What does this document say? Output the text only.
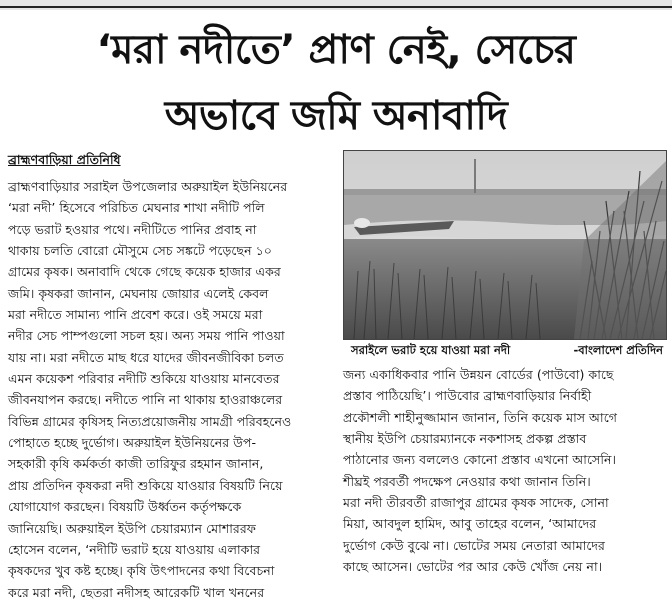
‘মরা নদীতে’ প্রাণ নেই, সেচের
অভাবে জমি অনাবাদি
ব্রাহ্মণবাড়িয়া প্রতিনিধি
ব্রাহ্মণবাড়িয়ার সরাইল উপজেলার অরুয়াইল ইউনিয়নের
‘মরা নদী’ হিসেবে পরিচিত মেঘনার শাখা নদীটি পলি
পড়ে ভরাট হওয়ার পথে। নদীটিতে পানির প্রবাহ না
থাকায় চলতি বোরো মৌসুমে সেচ সঙ্কটে পড়েছেন ১০
গ্রামের কৃষক। অনাবাদি থেকে গেছে কয়েক হাজার একর
জমি। কৃষকরা জানান, মেঘনায় জোয়ার এলেই কেবল
মরা নদীতে সামান্য পানি প্রবেশ করে। ওই সময়ে মরা
নদীর সেচ পাম্পগুলো সচল হয়। অন্য সময় পানি পাওয়া
যায় না। মরা নদীতে মাছ ধরে যাদের জীবনজীবিকা চলত
এমন কয়েকশ পরিবার নদীটি শুকিয়ে যাওয়ায় মানবেতর
জীবনযাপন করছে। নদীতে পানি না থাকায় হাওরাঞ্চলের
বিভিন্ন গ্রামের কৃষিসহ নিত্যপ্রয়োজনীয় সামগ্রী পরিবহনেও
পোহাতে হচ্ছে দুর্ভোগ। অরুয়াইল ইউনিয়নের উপ-
সহকারী কৃষি কর্মকর্তা কাজী তারিফুর রহমান জানান,
প্রায় প্রতিদিন কৃষকরা নদী শুকিয়ে যাওয়ার বিষয়টি নিয়ে
যোগাযোগ করছেন। বিষয়টি উর্ধ্বতন কর্তৃপক্ষকে
জানিয়েছি। অরুয়াইল ইউপি চেয়ারম্যান মোশাররফ
হোসেন বলেন, ‘নদীটি ভরাট হয়ে যাওয়ায় এলাকার
কৃষকদের খুব কষ্ট হচ্ছে। কৃষি উৎপাদনের কথা বিবেচনা
করে মরা নদী, ছেতরা নদীসহ আরেকটি খাল খননের
সরাইলে ভরাট হয়ে যাওয়া মরা নদী	-বাংলাদেশ প্রতিদিন
জন্য একাধিকবার পানি উন্নয়ন বোর্ডের (পাউবো) কাছে
প্রস্তাব পাঠিয়েছি’। পাউবোর ব্রাহ্মণবাড়িয়ার নির্বাহী
প্রকৌশলী শাহীনুজ্জামান জানান, তিনি কয়েক মাস আগে
স্থানীয় ইউপি চেয়ারম্যানকে নকশাসহ প্রকল্প প্রস্তাব
পাঠানোর জন্য বললেও কোনো প্রস্তাব এখনো আসেনি।
শীঘ্রই পরবর্তী পদক্ষেপ নেওয়ার কথা জানান তিনি।
মরা নদী তীরবর্তী রাজাপুর গ্রামের কৃষক সাদেক, সোনা
মিয়া, আবদুল হামিদ, আবু তাহের বলেন, ‘আমাদের
দুর্ভোগ কেউ বুঝে না। ভোটের সময় নেতারা আমাদের
কাছে আসেন। ভোটের পর আর কেউ খোঁজ নেয় না।
